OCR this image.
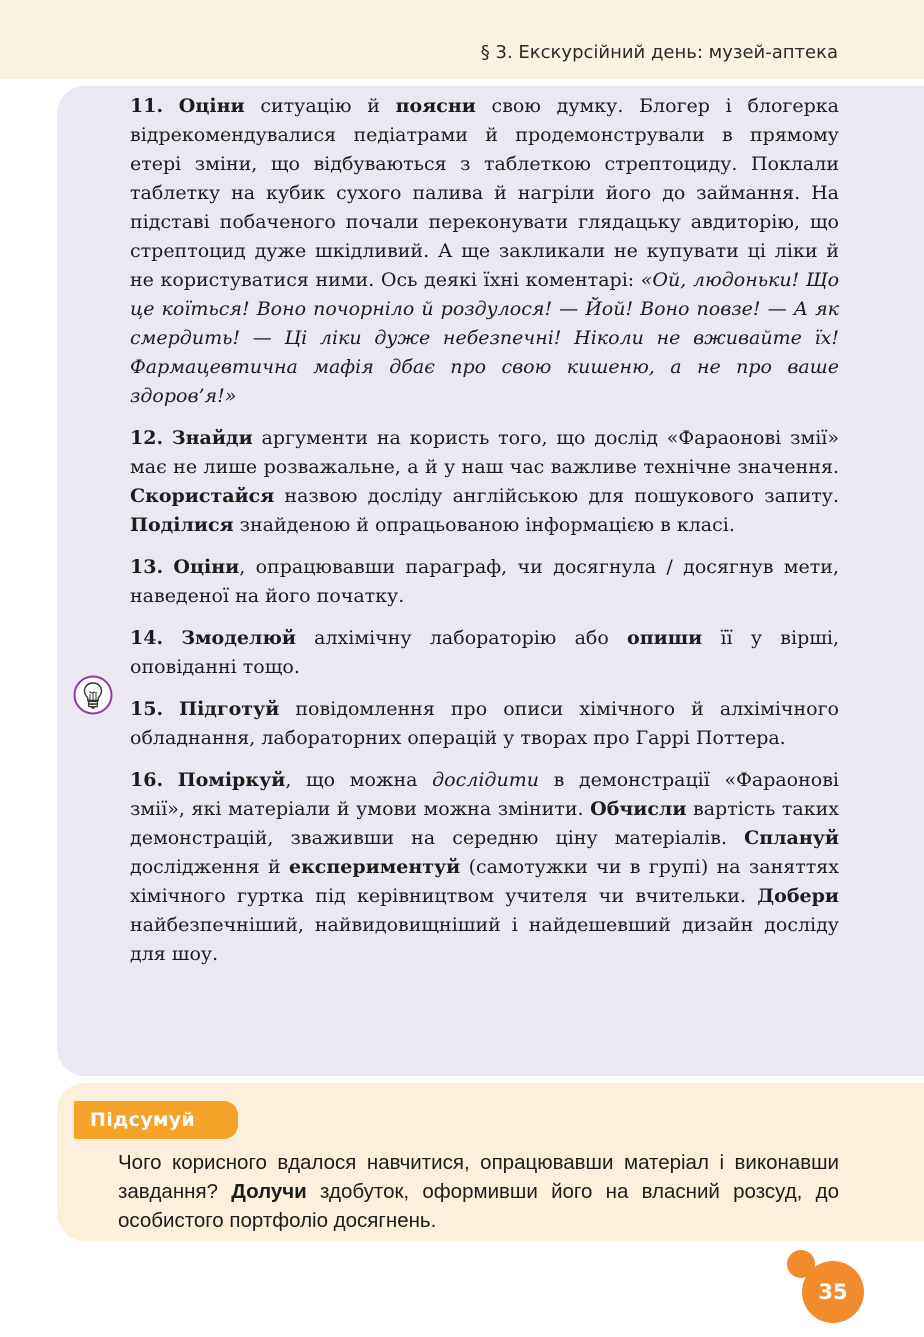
§ 3. Екскурсійний день: музей-аптека

11. Оціни ситуацію й поясни свою думку. Блогер і блогерка відрекомендувалися педіатрами й продемонстрували в прямому етері зміни, що відбуваються з таблеткою стрептоциду. Поклали таблетку на кубик сухого палива й нагріли його до займання. На підставі побаченого почали переконувати глядацьку авдиторію, що стрептоцид дуже шкідливий. А ще закликали не купувати ці ліки й не користуватися ними. Ось деякі їхні коментарі: «Ой, людоньки! Що це коїться! Воно почорніло й роздулося! — Йой! Воно повзе! — А як смердить! — Ці ліки дуже небезпечні! Ніколи не вживайте їх! Фармацевтична мафія дбає про свою кишеню, а не про ваше здоров’я!»

12. Знайди аргументи на користь того, що дослід «Фараонові змії» має не лише розважальне, а й у наш час важливе технічне значення. Скористайся назвою досліду англійською для пошукового запиту. Поділися знайденою й опрацьованою інформацією в класі.

13. Оціни, опрацювавши параграф, чи досягнула / досягнув мети, наведеної на його початку.

14. Змоделюй алхімічну лабораторію або опиши її у вірші, оповіданні тощо.

15. Підготуй повідомлення про описи хімічного й алхімічного обладнання, лабораторних операцій у творах про Гаррі Поттера.

16. Поміркуй, що можна дослідити в демонстрації «Фараонові змії», які матеріали й умови можна змінити. Обчисли вартість таких демонстрацій, зваживши на середню ціну матеріалів. Сплануй дослідження й експериментуй (самотужки чи в групі) на заняттях хімічного гуртка під керівництвом учителя чи вчительки. Добери найбезпечніший, найвидовищніший і найдешевший дизайн досліду для шоу.

Підсумуй
Чого корисного вдалося навчитися, опрацювавши матеріал і виконавши завдання? Долучи здобуток, оформивши його на власний розсуд, до особистого портфоліо досягнень.
35
